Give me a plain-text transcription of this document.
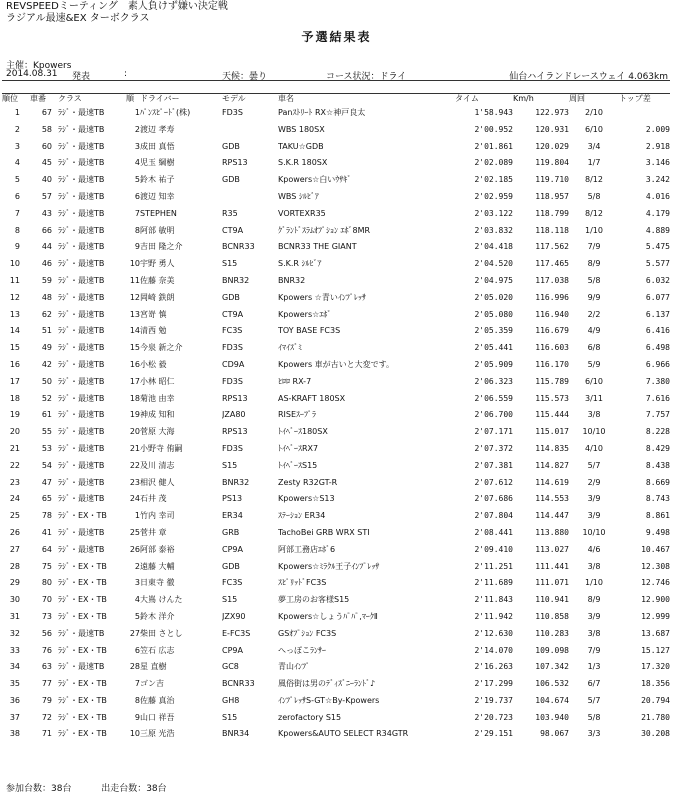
REVSPEEDミーティング　素人負けず嫌い決定戦
ラジアル最速&EX ターボクラス
予選結果表
主催：Kpowers
2014.08.31 発表	:	天候：曇り	コース状況：ドライ	仙台ハイランドレースウェイ 4.063km
順位	車番	クラス	順	ドライバー	モデル	車名	タイム	Km/h	周回	トップ差
1	67	ﾗｼﾞ・最速TB	1	ﾊﾟﾝｽﾋﾟｰﾄﾞ(株)	FD3S	Panｽﾄﾘｰﾄ RX☆神戸良太	1'58.943	122.973	2/10	
2	58	ﾗｼﾞ・最速TB	2	渡辺 孝寿		WBS 180SX	2'00.952	120.931	6/10	2.009
3	60	ﾗｼﾞ・最速TB	3	成田 真悟	GDB	TAKU☆GDB	2'01.861	120.029	3/4	2.918
4	45	ﾗｼﾞ・最速TB	4	児玉 綱樹	RPS13	S.K.R 180SX	2'02.089	119.804	1/7	3.146
5	40	ﾗｼﾞ・最速TB	5	鈴木 祐子	GDB	Kpowers☆白いｳｻｷﾞ	2'02.185	119.710	8/12	3.242
6	57	ﾗｼﾞ・最速TB	6	渡辺 知幸		WBS ｼﾙﾋﾞｱ	2'02.959	118.957	5/8	4.016
7	43	ﾗｼﾞ・最速TB	7	STEPHEN	R35	VORTEXR35	2'03.122	118.799	8/12	4.179
8	66	ﾗｼﾞ・最速TB	8	阿部 敏明	CT9A	ｸﾞﾗﾝﾄﾞｽﾗﾑｵﾌﾟｼｮﾝ ｴﾎﾞ8MR	2'03.832	118.118	1/10	4.889
9	44	ﾗｼﾞ・最速TB	9	吉田 隆之介	BCNR33	BCNR33 THE GIANT	2'04.418	117.562	7/9	5.475
10	46	ﾗｼﾞ・最速TB	10	宇野 勇人	S15	S.K.R ｼﾙﾋﾞｱ	2'04.520	117.465	8/9	5.577
11	59	ﾗｼﾞ・最速TB	11	佐藤 奈美	BNR32	BNR32	2'04.975	117.038	5/8	6.032
12	48	ﾗｼﾞ・最速TB	12	岡崎 鉄朗	GDB	Kpowers ☆青いｲﾝﾌﾟﾚｯｻ	2'05.020	116.996	9/9	6.077
13	62	ﾗｼﾞ・最速TB	13	宮嵜 慎	CT9A	Kpowers☆ｴﾎﾞ	2'05.080	116.940	2/2	6.137
14	51	ﾗｼﾞ・最速TB	14	清西 勉	FC3S	TOY BASE FC3S	2'05.359	116.679	4/9	6.416
15	49	ﾗｼﾞ・最速TB	15	今泉 新之介	FD3S	ｲﾏｲｽﾞﾐ	2'05.441	116.603	6/8	6.498
16	42	ﾗｼﾞ・最速TB	16	小松 毅	CD9A	Kpowers 車が古いと大変です。	2'05.909	116.170	5/9	6.966
17	50	ﾗｼﾞ・最速TB	17	小林 昭仁	FD3S	ﾋﾛﾛ RX-7	2'06.323	115.789	6/10	7.380
18	52	ﾗｼﾞ・最速TB	18	菊池 由幸	RPS13	AS-KRAFT 180SX	2'06.559	115.573	3/11	7.616
19	61	ﾗｼﾞ・最速TB	19	神成 知和	JZA80	RISEｽｰﾌﾟﾗ	2'06.700	115.444	3/8	7.757
20	55	ﾗｼﾞ・最速TB	20	菅原 大海	RPS13	ﾄｲﾍﾞｰｽ180SX	2'07.171	115.017	10/10	8.228
21	53	ﾗｼﾞ・最速TB	21	小野寺 侑嗣	FD3S	ﾄｲﾍﾞｰｽRX7	2'07.372	114.835	4/10	8.429
22	54	ﾗｼﾞ・最速TB	22	及川 清志	S15	ﾄｲﾍﾞｰｽS15	2'07.381	114.827	5/7	8.438
23	47	ﾗｼﾞ・最速TB	23	相沢 健人	BNR32	Zesty R32GT-R	2'07.612	114.619	2/9	8.669
24	65	ﾗｼﾞ・最速TB	24	石井 茂	PS13	Kpowers☆S13	2'07.686	114.553	3/9	8.743
25	78	ﾗｼﾞ・EX・TB	1	竹内 幸司	ER34	ｽﾃｰｼｮﾝ ER34	2'07.804	114.447	3/9	8.861
26	41	ﾗｼﾞ・最速TB	25	菅井 章	GRB	TachoBei GRB WRX STI	2'08.441	113.880	10/10	9.498
27	64	ﾗｼﾞ・最速TB	26	阿部 泰裕	CP9A	阿部工務店ｴﾎﾞ6	2'09.410	113.027	4/6	10.467
28	75	ﾗｼﾞ・EX・TB	2	遠藤 大輔	GDB	Kpowers☆ﾐﾗｸﾙ王子ｲﾝﾌﾟﾚｯｻ	2'11.251	111.441	3/8	12.308
29	80	ﾗｼﾞ・EX・TB	3	日東寺 徹	FC3S	ｽﾋﾟﾘｯﾄﾞFC3S	2'11.689	111.071	1/10	12.746
30	70	ﾗｼﾞ・EX・TB	4	大嶌 けんた	S15	夢工房のお客様S15	2'11.843	110.941	8/9	12.900
31	73	ﾗｼﾞ・EX・TB	5	鈴木 洋介	JZX90	Kpowers☆しょうﾊﾟﾊﾟ,ﾏｰｸⅡ	2'11.942	110.858	3/9	12.999
32	56	ﾗｼﾞ・最速TB	27	柴田 さとし	E-FC3S	GSｵﾌﾟｼｮﾝ FC3S	2'12.630	110.283	3/8	13.687
33	76	ﾗｼﾞ・EX・TB	6	笠石 広志	CP9A	へっぽこﾗﾝｻｰ	2'14.070	109.098	7/9	15.127
34	63	ﾗｼﾞ・最速TB	28	星 直樹	GC8	青山ｲﾝﾌﾟ	2'16.263	107.342	1/3	17.320
35	77	ﾗｼﾞ・EX・TB	7	ゴン吉	BCNR33	風俗街は男のﾃﾞｨｽﾞﾆｰﾗﾝﾄﾞ♪	2'17.299	106.532	6/7	18.356
36	79	ﾗｼﾞ・EX・TB	8	佐藤 真治	GH8	ｲﾝﾌﾟﾚｯｻS-GT☆By-Kpowers	2'19.737	104.674	5/7	20.794
37	72	ﾗｼﾞ・EX・TB	9	山口 祥吾	S15	zerofactory S15	2'20.723	103.940	5/8	21.780
38	71	ﾗｼﾞ・EX・TB	10	三原 光浩	BNR34	Kpowers&AUTO SELECT R34GTR	2'29.151	98.067	3/3	30.208
参加台数：38台	出走台数：38台
